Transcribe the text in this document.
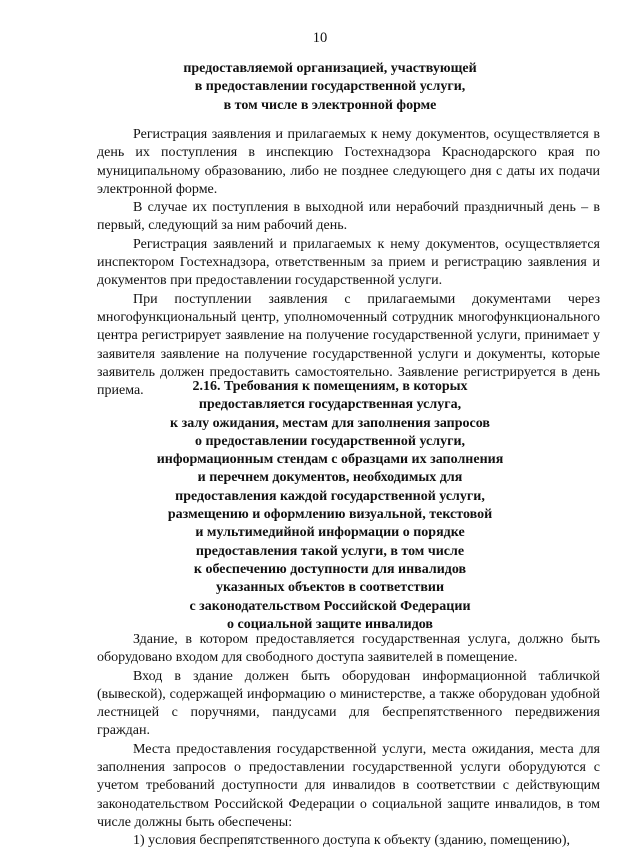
10
предоставляемой организацией, участвующей
в предоставлении государственной услуги,
в том числе в электронной форме

Регистрация заявления и прилагаемых к нему документов, осуществляется в день их поступления в инспекцию Гостехнадзора Краснодарского края по муниципальному образованию, либо не позднее следующего дня с даты их подачи электронной форме.

В случае их поступления в выходной или нерабочий праздничный день – в первый, следующий за ним рабочий день.

Регистрация заявлений и прилагаемых к нему документов, осуществляется инспектором Гостехнадзора, ответственным за прием и регистрацию заявления и документов при предоставлении государственной услуги.

При поступлении заявления с прилагаемыми документами через многофункциональный центр, уполномоченный сотрудник многофункционального центра регистрирует заявление на получение государственной услуги, принимает у заявителя заявление на получение государственной услуги и документы, которые заявитель должен предоставить самостоятельно. Заявление регистрируется в день приема.	2.16. Требования к помещениям, в которых
предоставляется государственная услуга,
к залу ожидания, местам для заполнения запросов
о предоставлении государственной услуги,
информационным стендам с образцами их заполнения
и перечнем документов, необходимых для
предоставления каждой государственной услуги,
размещению и оформлению визуальной, текстовой
и мультимедийной информации о порядке
предоставления такой услуги, в том числе
к обеспечению доступности для инвалидов
указанных объектов в соответствии
с законодательством Российской Федерации
о социальной защите инвалидов

Здание, в котором предоставляется государственная услуга, должно быть оборудовано входом для свободного доступа заявителей в помещение.

Вход в здание должен быть оборудован информационной табличкой (вывеской), содержащей информацию о министерстве, а также оборудован удобной лестницей с поручнями, пандусами для беспрепятственного передвижения граждан.

Места предоставления государственной услуги, места ожидания, места для заполнения запросов о предоставлении государственной услуги оборудуются с учетом требований доступности для инвалидов в соответствии с действующим законодательством Российской Федерации о социальной защите инвалидов, в том числе должны быть обеспечены:

1) условия беспрепятственного доступа к объекту (зданию, помещению),
